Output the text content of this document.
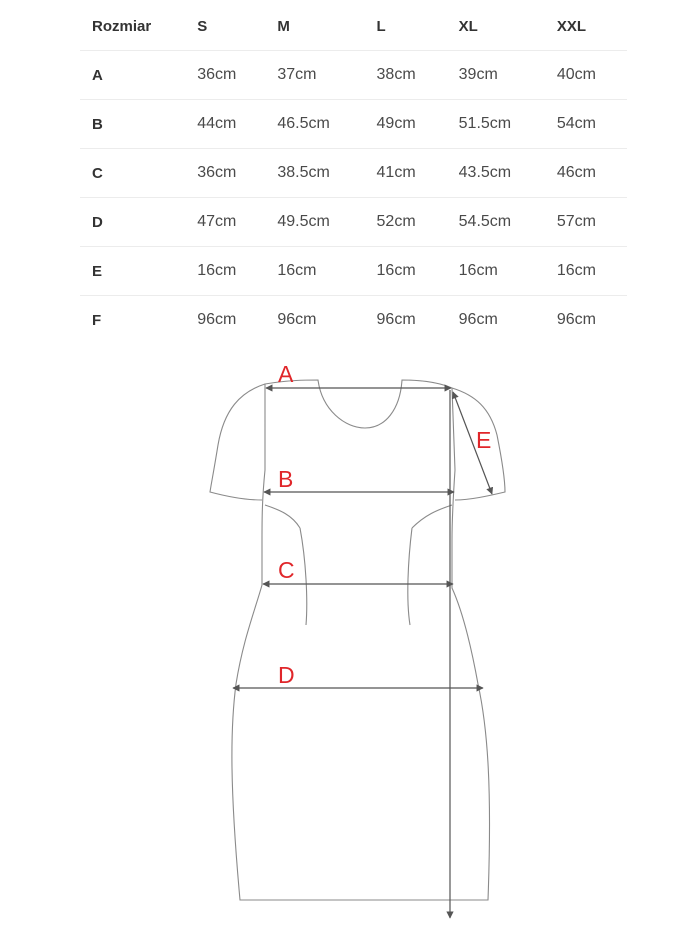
Rozmiar	S	M	L	XL	XXL
A	36cm	37cm	38cm	39cm	40cm
B	44cm	46.5cm	49cm	51.5cm	54cm
C	36cm	38.5cm	41cm	43.5cm	46cm
D	47cm	49.5cm	52cm	54.5cm	57cm
E	16cm	16cm	16cm	16cm	16cm
F	96cm	96cm	96cm	96cm	96cm
A
E
B
C
D
